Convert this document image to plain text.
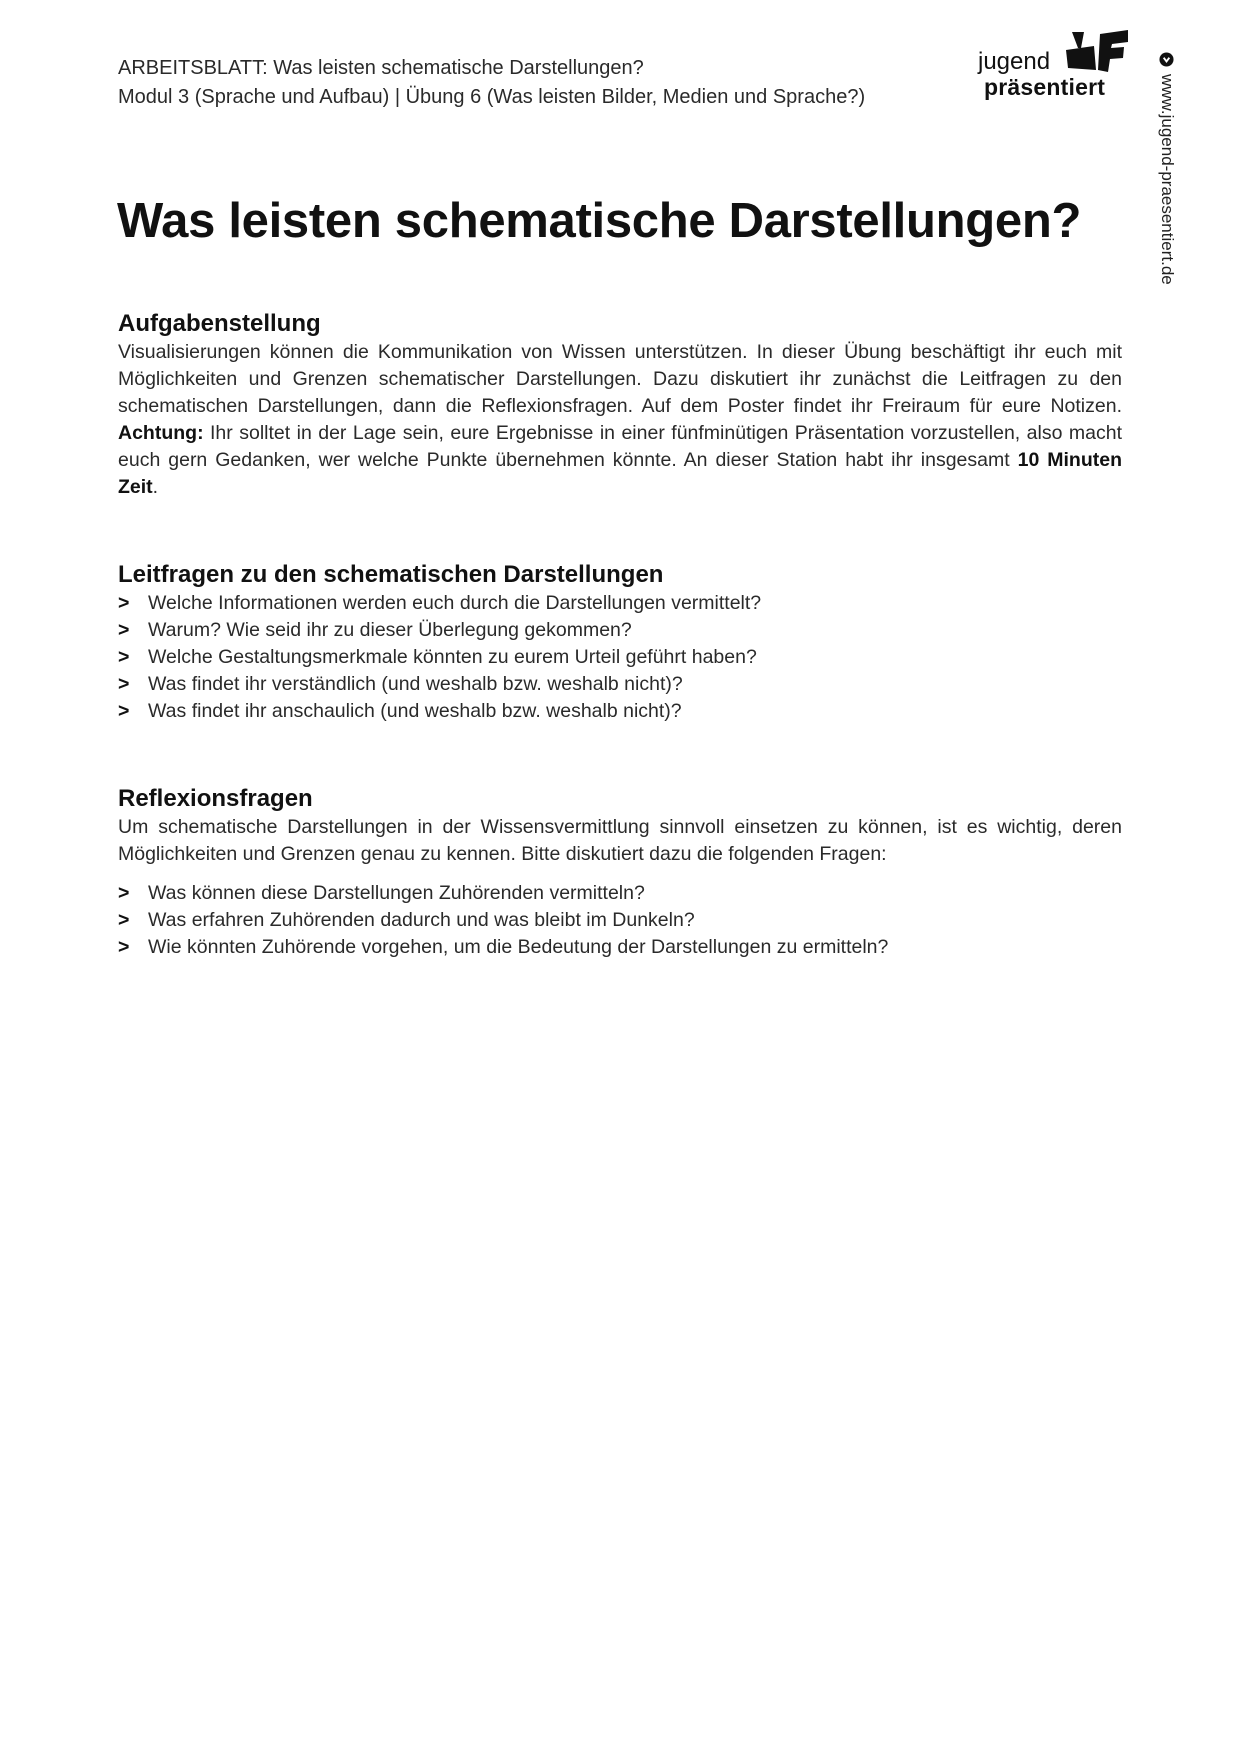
ARBEITSBLATT: Was leisten schematische Darstellungen?
Modul 3 (Sprache und Aufbau) | Übung 6 (Was leisten Bilder, Medien und Sprache?)
jugend
präsentiert	www.jugend-praesentiert.de
Was leisten schematische Darstellungen?
Aufgabenstellung
Visualisierungen können die Kommunikation von Wissen unterstützen. In dieser Übung beschäftigt ihr euch mit Möglichkeiten und Grenzen schematischer Darstellungen. Dazu diskutiert ihr zunächst die Leitfragen zu den schematischen Darstellungen, dann die Reflexionsfragen. Auf dem Poster findet ihr Freiraum für eure Notizen. Achtung: Ihr solltet in der Lage sein, eure Ergebnisse in einer fünfminütigen Präsentation vorzustellen, also macht euch gern Gedanken, wer welche Punkte übernehmen könnte. An dieser Station habt ihr insgesamt 10 Minuten Zeit.
Leitfragen zu den schematischen Darstellungen
> Welche Informationen werden euch durch die Darstellungen vermittelt?
> Warum? Wie seid ihr zu dieser Überlegung gekommen?
> Welche Gestaltungsmerkmale könnten zu eurem Urteil geführt haben?
> Was findet ihr verständlich (und weshalb bzw. weshalb nicht)?
> Was findet ihr anschaulich (und weshalb bzw. weshalb nicht)?
Reflexionsfragen
Um schematische Darstellungen in der Wissensvermittlung sinnvoll einsetzen zu können, ist es wichtig, deren Möglichkeiten und Grenzen genau zu kennen. Bitte diskutiert dazu die folgenden Fragen:
> Was können diese Darstellungen Zuhörenden vermitteln?
> Was erfahren Zuhörenden dadurch und was bleibt im Dunkeln?
> Wie könnten Zuhörende vorgehen, um die Bedeutung der Darstellungen zu ermitteln?
